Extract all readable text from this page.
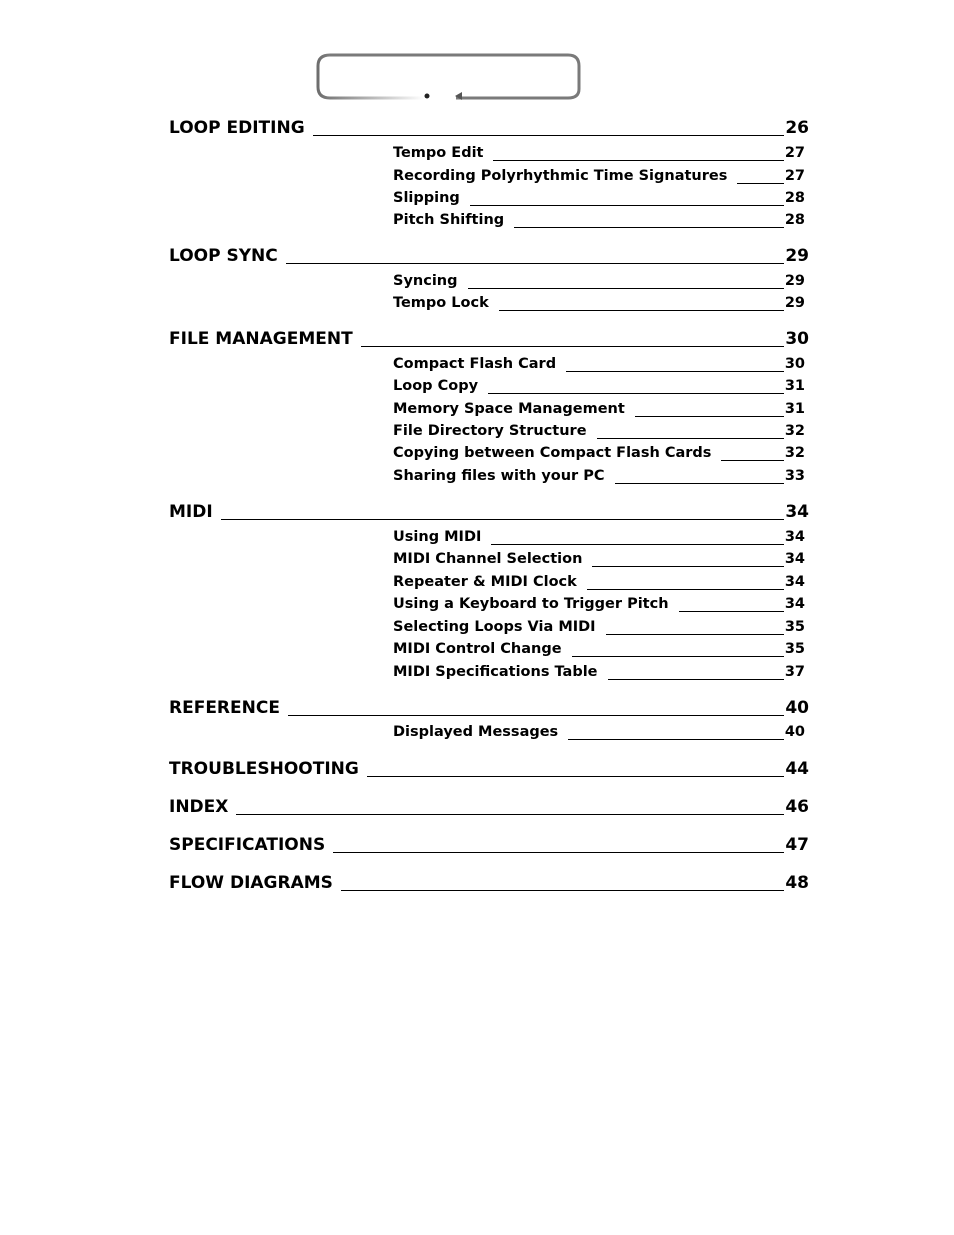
LOOP EDITING	26
Tempo Edit	27
Recording Polyrhythmic Time Signatures	27
Slipping	28
Pitch Shifting	28
LOOP SYNC	29
Syncing	29
Tempo Lock	29
FILE MANAGEMENT	30
Compact Flash Card	30
Loop Copy	31
Memory Space Management	31
File Directory Structure	32
Copying between Compact Flash Cards	32
Sharing files with your PC	33
MIDI	34
Using MIDI	34
MIDI Channel Selection	34
Repeater & MIDI Clock	34
Using a Keyboard to Trigger Pitch	34
Selecting Loops Via MIDI	35
MIDI Control Change	35
MIDI Specifications Table	37
REFERENCE	40
Displayed Messages	40
TROUBLESHOOTING	44
INDEX	46
SPECIFICATIONS	47
FLOW DIAGRAMS	48
